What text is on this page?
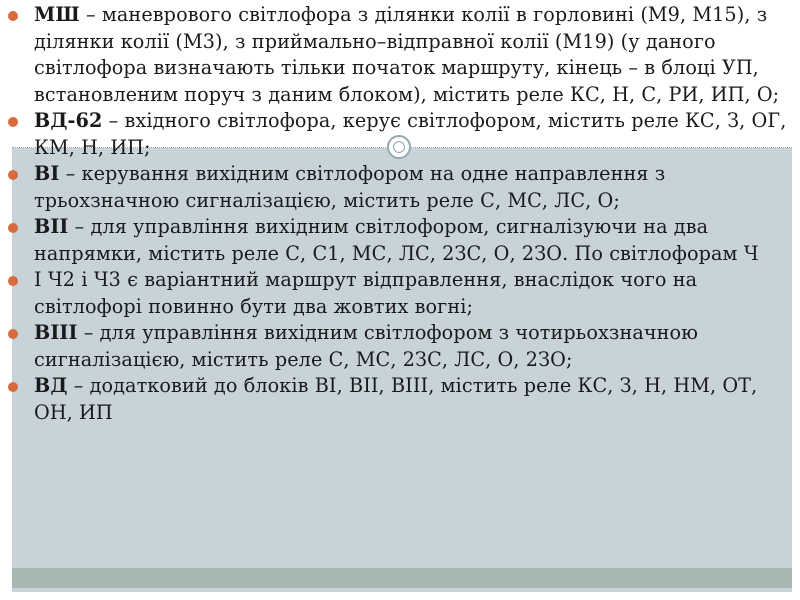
МШ – маневрового світлофора з ділянки колії в горловині (М9, М15), з ділянки колії (М3), з приймально–відправної колії (М19) (у даного світлофора визначають тільки початок маршруту, кінець – в блоці УП, встановленим поруч з даним блоком), містить реле КС, Н, С, РИ, ИП, О;
ВД-62 – вхідного світлофора, керує світлофором, містить реле КС, З, ОГ, КМ, Н, ИП;
ВІ – керування вихідним світлофором на одне направлення з трьохзначною сигналізацією, містить реле С, МС, ЛС, О;
ВІІ – для управління вихідним світлофором, сигналізуючи на два напрямки, містить реле С, С1, МС, ЛС, 2ЗС, О, 2ЗО. По світлофорам Ч
І Ч2 і Ч3 є варіантний маршрут відправлення, внаслідок чого на світлофорі повинно бути два жовтих вогні;
ВІІІ – для управління вихідним світлофором з чотирьохзначною сигналізацією, містить реле С, МС, 2ЗС, ЛС, О, 2ЗО;
ВД – додатковий до блоків ВІ, ВІІ, ВІІІ, містить реле КС, З, Н, НМ, ОТ, ОН, ИП
